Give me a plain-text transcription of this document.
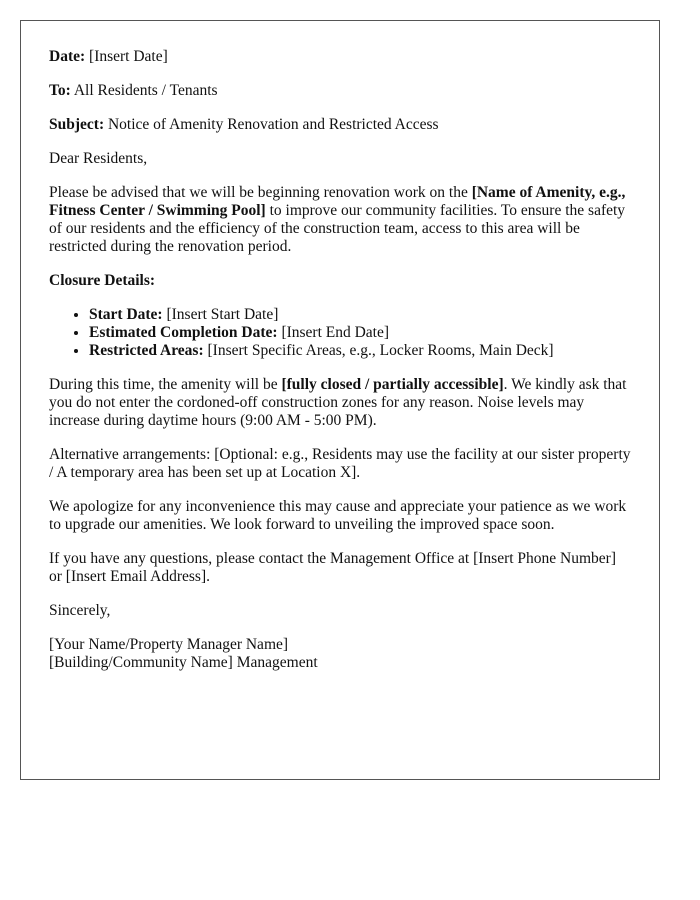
Date: [Insert Date]

To: All Residents / Tenants

Subject: Notice of Amenity Renovation and Restricted Access

Dear Residents,

Please be advised that we will be beginning renovation work on the [Name of Amenity, e.g., Fitness Center / Swimming Pool] to improve our community facilities. To ensure the safety of our residents and the efficiency of the construction team, access to this area will be restricted during the renovation period.

Closure Details:

• Start Date: [Insert Start Date]
• Estimated Completion Date: [Insert End Date]
• Restricted Areas: [Insert Specific Areas, e.g., Locker Rooms, Main Deck]

During this time, the amenity will be [fully closed / partially accessible]. We kindly ask that you do not enter the cordoned-off construction zones for any reason. Noise levels may increase during daytime hours (9:00 AM - 5:00 PM).

Alternative arrangements: [Optional: e.g., Residents may use the facility at our sister property / A temporary area has been set up at Location X].

We apologize for any inconvenience this may cause and appreciate your patience as we work to upgrade our amenities. We look forward to unveiling the improved space soon.

If you have any questions, please contact the Management Office at [Insert Phone Number] or [Insert Email Address].

Sincerely,

[Your Name/Property Manager Name]
[Building/Community Name] Management
